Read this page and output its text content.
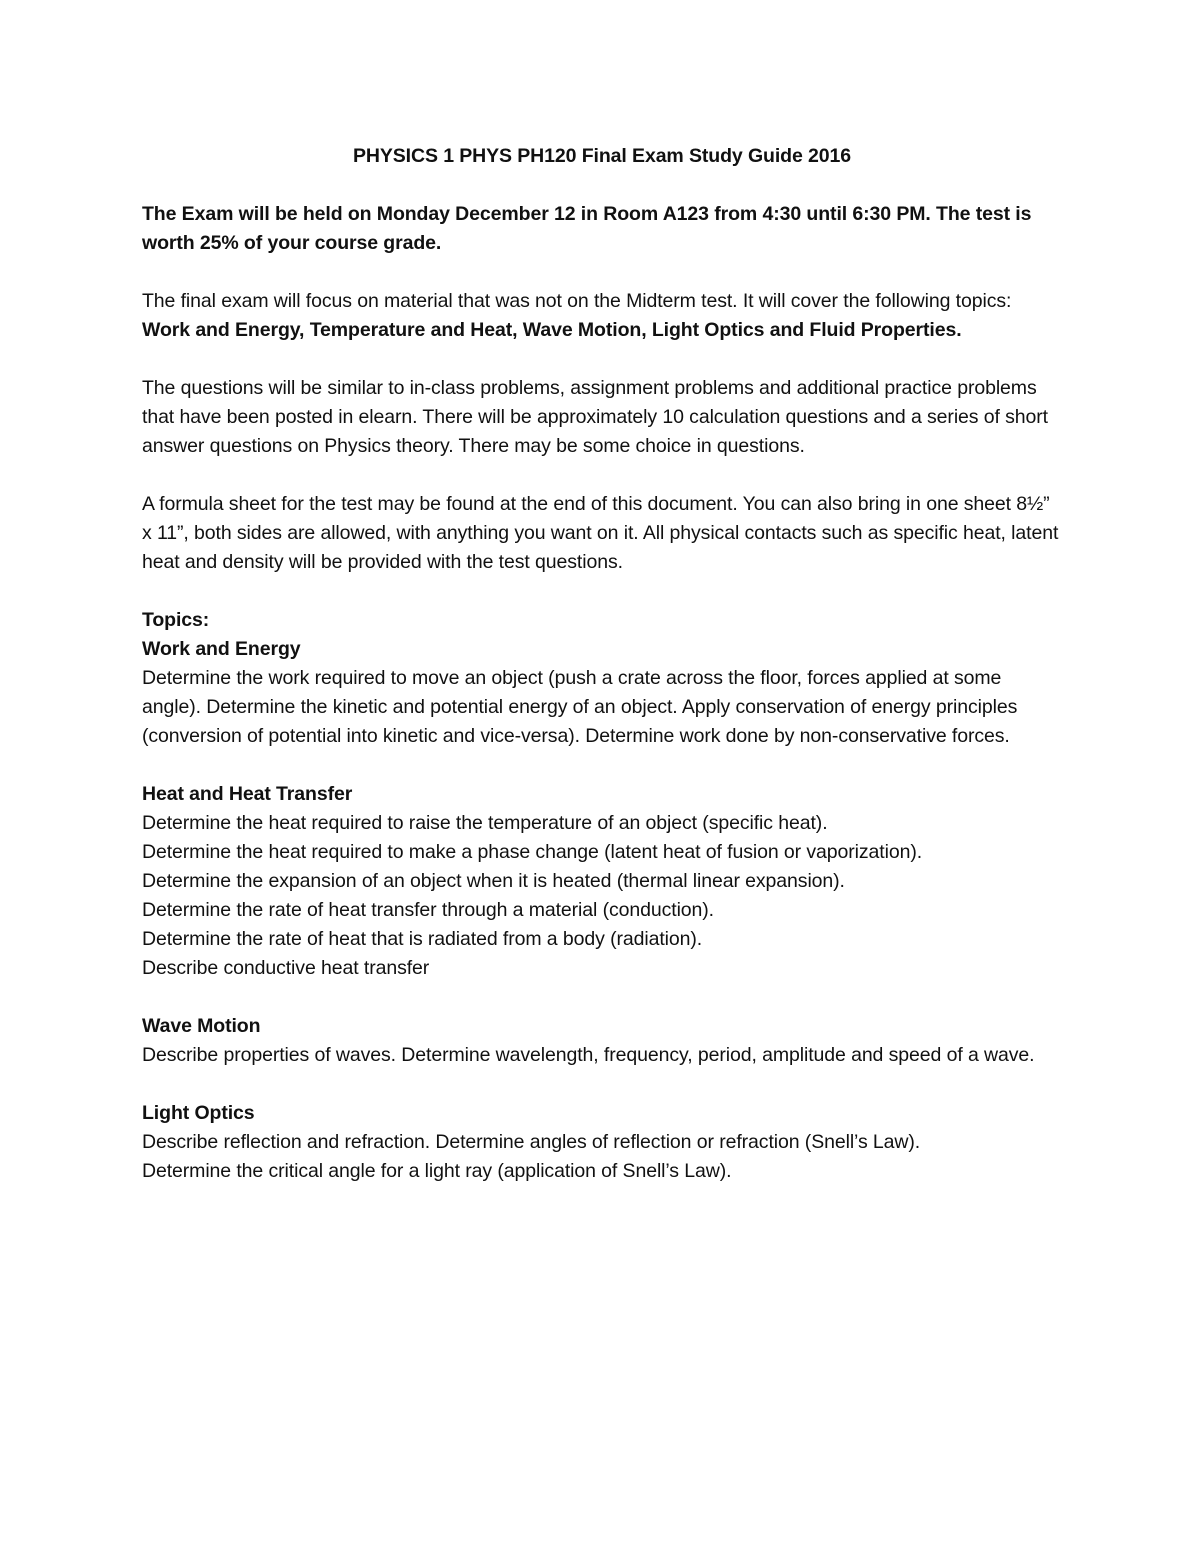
PHYSICS 1 PHYS PH120 Final Exam Study Guide 2016

The Exam will be held on Monday December 12 in Room A123 from 4:30 until 6:30 PM. The test is worth 25% of your course grade.

The final exam will focus on material that was not on the Midterm test. It will cover the following topics: Work and Energy, Temperature and Heat, Wave Motion, Light Optics and Fluid Properties.

The questions will be similar to in-class problems, assignment problems and additional practice problems that have been posted in elearn. There will be approximately 10 calculation questions and a series of short answer questions on Physics theory. There may be some choice in questions.

A formula sheet for the test may be found at the end of this document. You can also bring in one sheet 8½” x 11”, both sides are allowed, with anything you want on it. All physical contacts such as specific heat, latent heat and density will be provided with the test questions.

Topics:

Work and Energy

Determine the work required to move an object (push a crate across the floor, forces applied at some angle). Determine the kinetic and potential energy of an object. Apply conservation of energy principles (conversion of potential into kinetic and vice-versa). Determine work done by non-conservative forces.

Heat and Heat Transfer

Determine the heat required to raise the temperature of an object (specific heat).
Determine the heat required to make a phase change (latent heat of fusion or vaporization).
Determine the expansion of an object when it is heated (thermal linear expansion).
Determine the rate of heat transfer through a material (conduction).
Determine the rate of heat that is radiated from a body (radiation).
Describe conductive heat transfer

Wave Motion

Describe properties of waves. Determine wavelength, frequency, period, amplitude and speed of a wave.

Light Optics

Describe reflection and refraction. Determine angles of reflection or refraction (Snell’s Law).
Determine the critical angle for a light ray (application of Snell’s Law).
